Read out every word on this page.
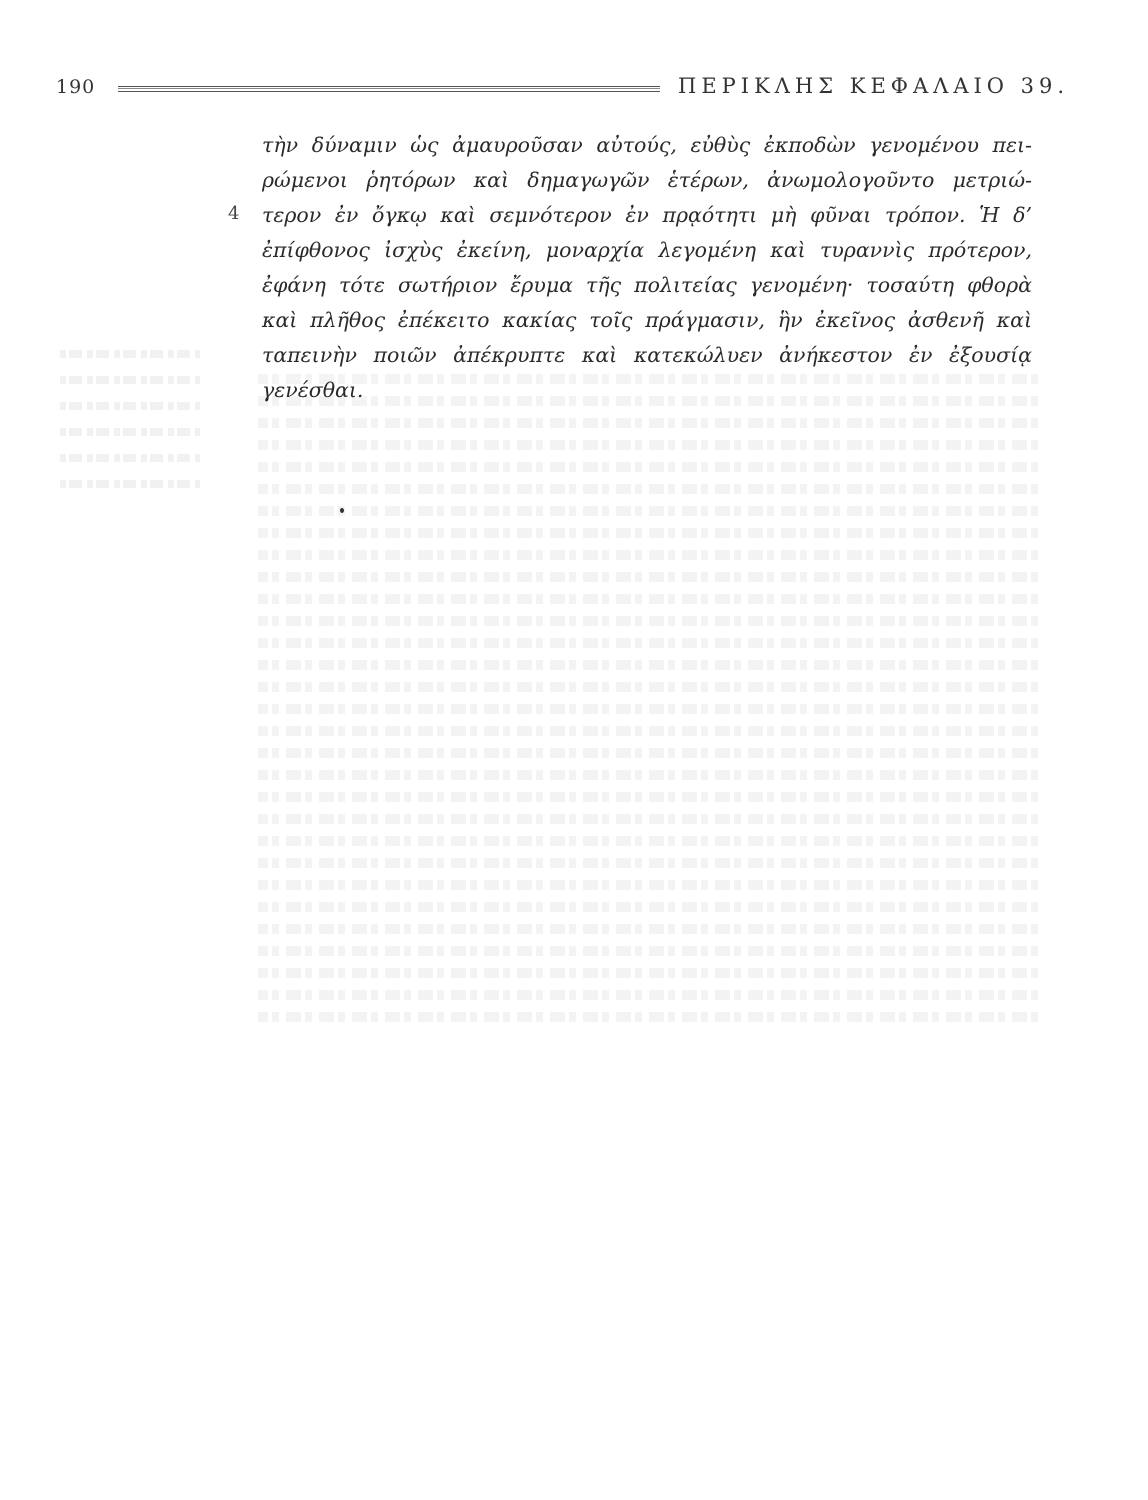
190	ΠΕΡΙΚΛΗΣ ΚΕΦΑΛΑΙΟ 39.
4
τὴν δύναμιν ὡς ἀμαυροῦσαν αὐτούς, εὐθὺς ἐκποδὼν γενομένου πει-
ρώμενοι ῥητόρων καὶ δημαγωγῶν ἑτέρων, ἀνωμολογοῦντο μετριώ-
τερον ἐν ὄγκῳ καὶ σεμνότερον ἐν πρᾳότητι μὴ φῦναι τρόπον. Ἡ δ’
ἐπίφθονος ἰσχὺς ἐκείνη, μοναρχία λεγομένη καὶ τυραννὶς πρότερον,
ἐφάνη τότε σωτήριον ἔρυμα τῆς πολιτείας γενομένη· τοσαύτη φθορὰ
καὶ πλῆθος ἐπέκειτο κακίας τοῖς πράγμασιν, ἣν ἐκεῖνος ἀσθενῆ καὶ
ταπεινὴν ποιῶν ἀπέκρυπτε καὶ κατεκώλυεν ἀνήκεστον ἐν ἐξουσίᾳ
γενέσθαι.
